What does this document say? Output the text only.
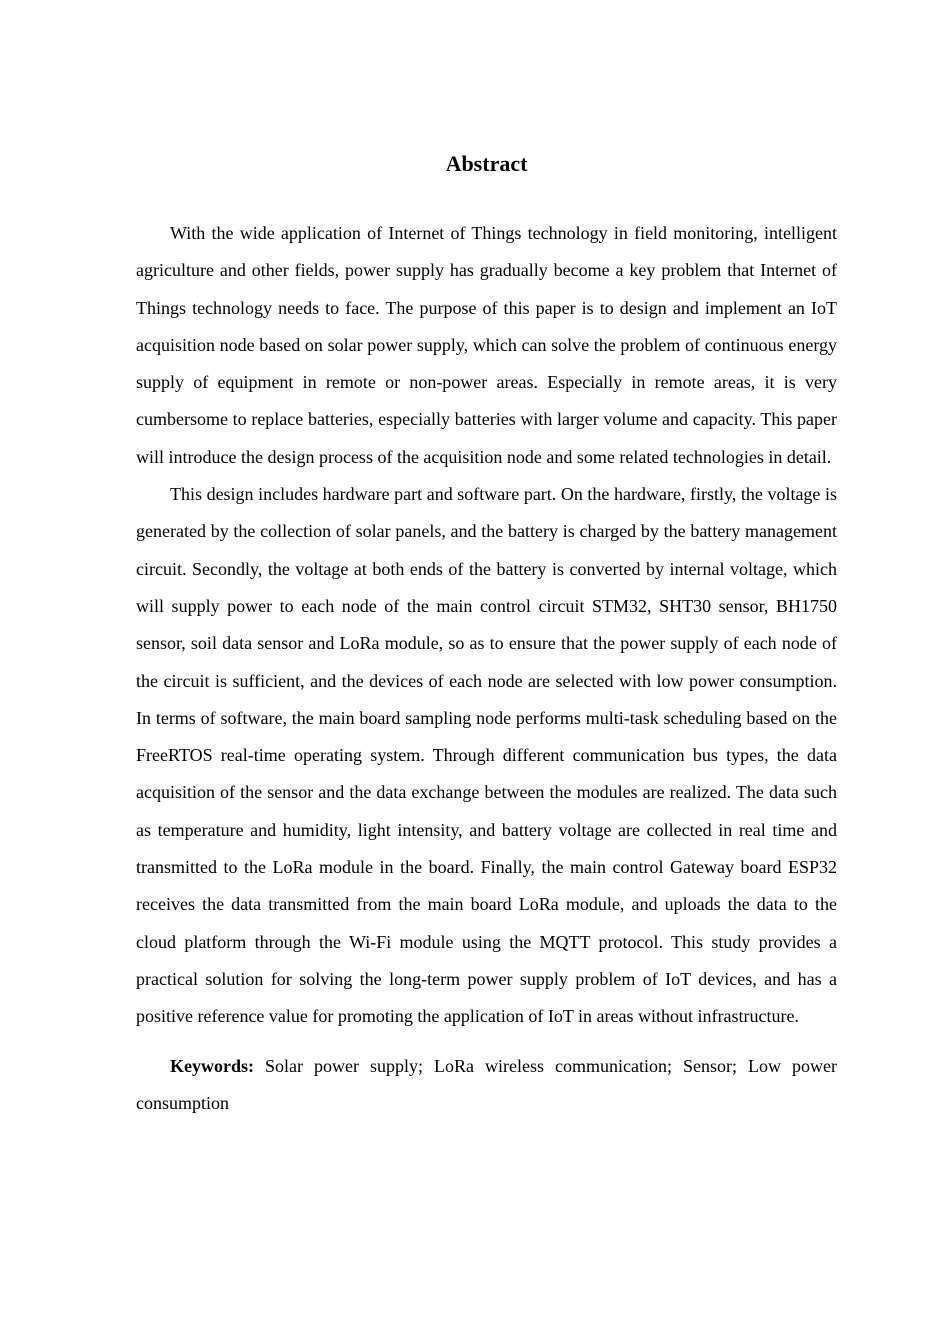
Abstract

With the wide application of Internet of Things technology in field monitoring, intelligent agriculture and other fields, power supply has gradually become a key problem that Internet of Things technology needs to face. The purpose of this paper is to design and implement an IoT acquisition node based on solar power supply, which can solve the problem of continuous energy supply of equipment in remote or non-power areas. Especially in remote areas, it is very cumbersome to replace batteries, especially batteries with larger volume and capacity. This paper will introduce the design process of the acquisition node and some related technologies in detail.

This design includes hardware part and software part. On the hardware, firstly, the voltage is generated by the collection of solar panels, and the battery is charged by the battery management circuit. Secondly, the voltage at both ends of the battery is converted by internal voltage, which will supply power to each node of the main control circuit STM32, SHT30 sensor, BH1750 sensor, soil data sensor and LoRa module, so as to ensure that the power supply of each node of the circuit is sufficient, and the devices of each node are selected with low power consumption. In terms of software, the main board sampling node performs multi-task scheduling based on the FreeRTOS real-time operating system. Through different communication bus types, the data acquisition of the sensor and the data exchange between the modules are realized. The data such as temperature and humidity, light intensity, and battery voltage are collected in real time and transmitted to the LoRa module in the board. Finally, the main control Gateway board ESP32 receives the data transmitted from the main board LoRa module, and uploads the data to the cloud platform through the Wi-Fi module using the MQTT protocol. This study provides a practical solution for solving the long-term power supply problem of IoT devices, and has a positive reference value for promoting the application of IoT in areas without infrastructure.

Keywords: Solar power supply; LoRa wireless communication; Sensor; Low power consumption
